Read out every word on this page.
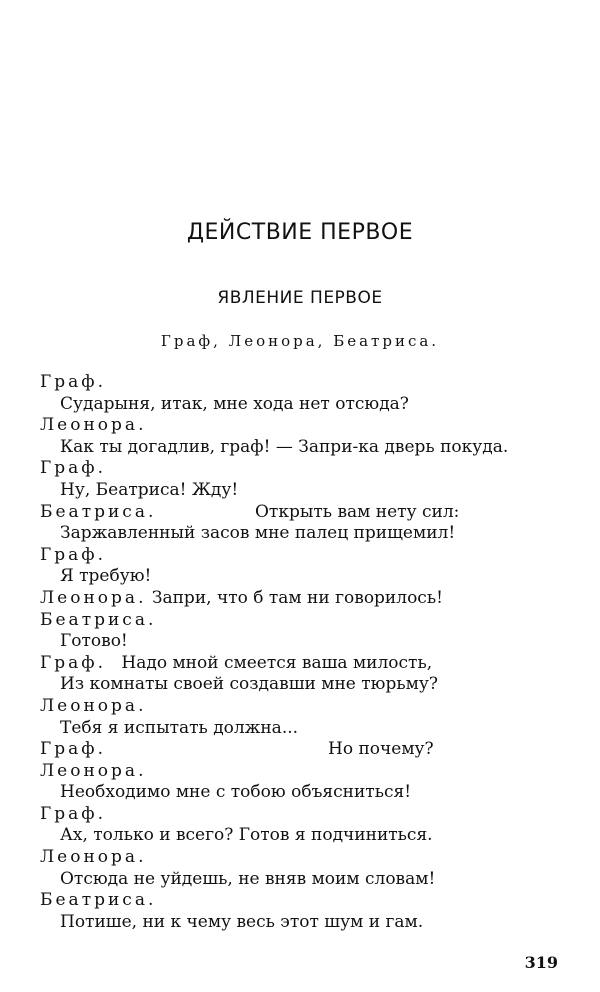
ДЕЙСТВИЕ ПЕРВОЕ
ЯВЛЕНИЕ ПЕРВОЕ
Граф, Леонора, Беатриса.
Граф.
Сударыня, итак, мне хода нет отсюда?
Леонора.
Как ты догадлив, граф! — Запри-ка дверь покуда.
Граф.
Ну, Беатриса! Жду!
Беатриса.	Открыть вам нету сил:
Заржавленный засов мне палец прищемил!
Граф.
Я требую!
Леонора. Запри, что б там ни говорилось!
Беатриса.
Готово!
Граф. Надо мной смеется ваша милость,
Из комнаты своей создавши мне тюрьму?
Леонора.
Тебя я испытать должна...
Граф.	Но почему?
Леонора.
Необходимо мне с тобою объясниться!
Граф.
Ах, только и всего? Готов я подчиниться.
Леонора.
Отсюда не уйдешь, не вняв моим словам!
Беатриса.
Потише, ни к чему весь этот шум и гам.
319
